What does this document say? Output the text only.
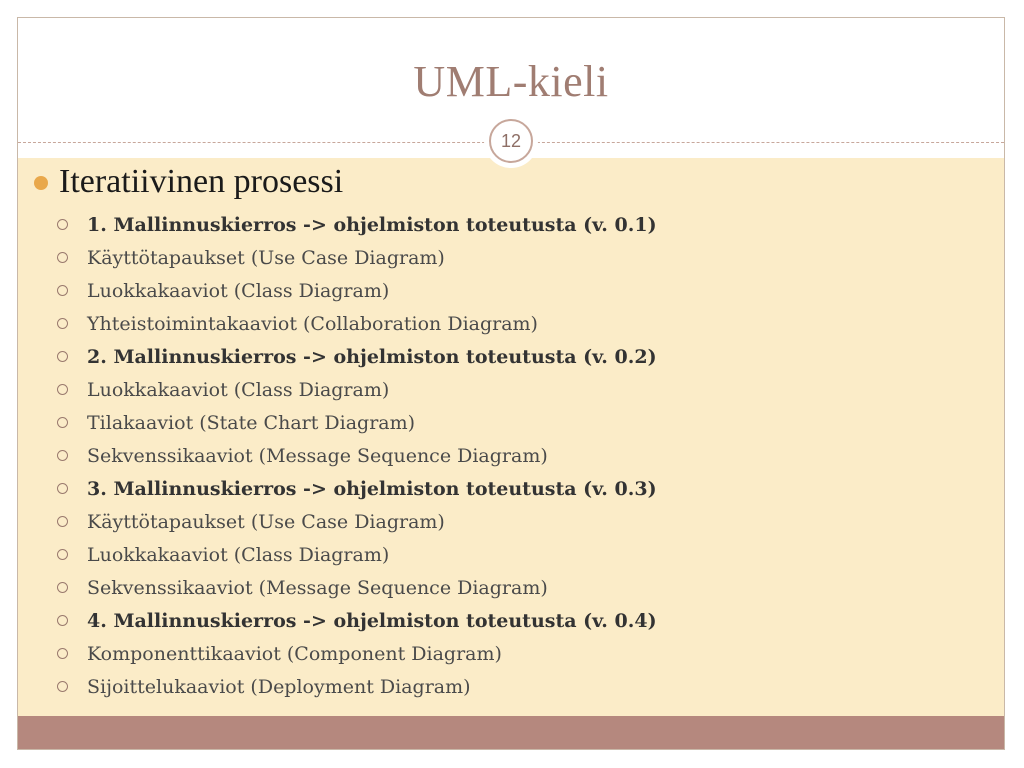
UML-kieli
12
Iteratiivinen prosessi
1. Mallinnuskierros -> ohjelmiston toteutusta (v. 0.1)
Käyttötapaukset (Use Case Diagram)
Luokkakaaviot (Class Diagram)
Yhteistoimintakaaviot (Collaboration Diagram)
2. Mallinnuskierros -> ohjelmiston toteutusta (v. 0.2)
Luokkakaaviot (Class Diagram)
Tilakaaviot (State Chart Diagram)
Sekvenssikaaviot (Message Sequence Diagram)
3. Mallinnuskierros -> ohjelmiston toteutusta (v. 0.3)
Käyttötapaukset (Use Case Diagram)
Luokkakaaviot (Class Diagram)
Sekvenssikaaviot (Message Sequence Diagram)
4. Mallinnuskierros -> ohjelmiston toteutusta (v. 0.4)
Komponenttikaaviot (Component Diagram)
Sijoittelukaaviot (Deployment Diagram)
